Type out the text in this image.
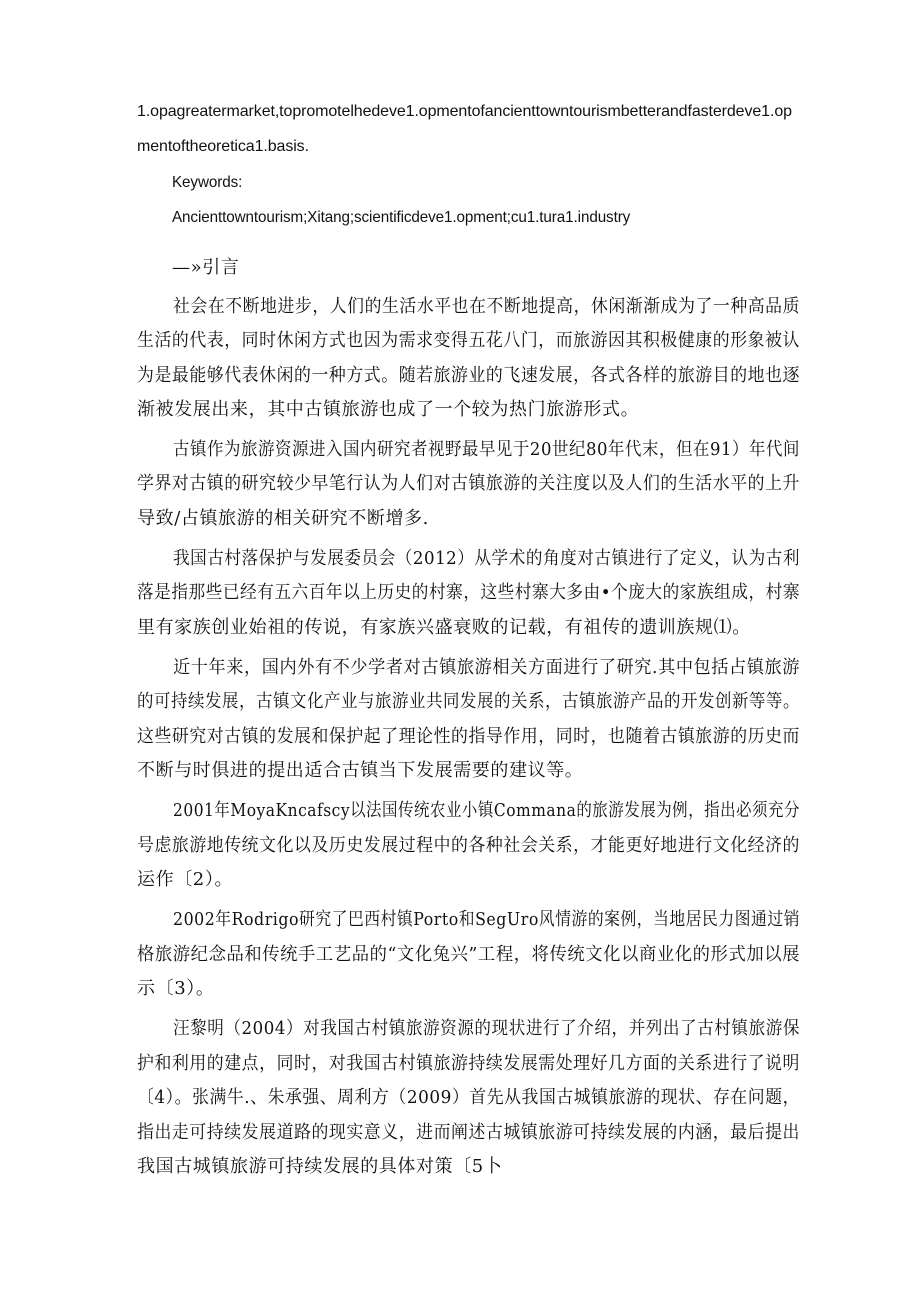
1.opagreatermarket,topromotelhedeve1.opmentofancienttowntourismbetterandfasterdeve1.op
mentoftheoretica1.basis.
Keywords:
Ancienttowntourism;Xitang;scientificdeve1.opment;cu1.tura1.industry
—»引言
社会在不断地进步，人们的生活水平也在不断地提高，休闲渐渐成为了一种高品质
生活的代表，同时休闲方式也因为需求变得五花八门，而旅游因其积极健康的形象被认
为是最能够代表休闲的一种方式。随若旅游业的飞速发展，各式各样的旅游目的地也逐
渐被发展出来，其中古镇旅游也成了一个较为热门旅游形式。
古镇作为旅游资源进入国内研究者视野最早见于20世纪80年代末，但在91）年代间
学界对古镇的研究较少早笔行认为人们对古镇旅游的关注度以及人们的生活水平的上升
导致/占镇旅游的相关研究不断增多.
我国古村落保护与发展委员会（2012）从学术的角度对古镇进行了定义，认为古利
落是指那些已经有五六百年以上历史的村寨，这些村寨大多由•个庞大的家族组成，村寨
里有家族创业始祖的传说，有家族兴盛衰败的记载，有祖传的遗训族规⑴。
近十年来，国内外有不少学者对古镇旅游相关方面进行了研究.其中包括占镇旅游
的可持续发展，古镇文化产业与旅游业共同发展的关系，古镇旅游产品的开发创新等等。
这些研究对古镇的发展和保护起了理论性的指导作用，同时，也随着古镇旅游的历史而
不断与时俱进的提出适合古镇当下发展需要的建议等。
2001年MoyaKncafscy以法国传统农业小镇Commana的旅游发展为例，指出必须充分
号虑旅游地传统文化以及历史发展过程中的各种社会关系，才能更好地进行文化经济的
运作〔2）。
2002年Rodrigo研究了巴西村镇Porto和SegUro风情游的案例，当地居民力图通过销
格旅游纪念品和传统手工艺品的“文化兔兴”工程，将传统文化以商业化的形式加以展
示〔3）。
汪黎明（2004）对我国古村镇旅游资源的现状进行了介绍，并列出了古村镇旅游保
护和利用的建点，同时，对我国古村镇旅游持续发展需处理好几方面的关系进行了说明
〔4）。张满牛.、朱承强、周利方（2009）首先从我国古城镇旅游的现状、存在问题，
指出走可持续发展道路的现实意义，进而阐述古城镇旅游可持续发展的内涵，最后提出
我国古城镇旅游可持续发展的具体对策〔5卜
